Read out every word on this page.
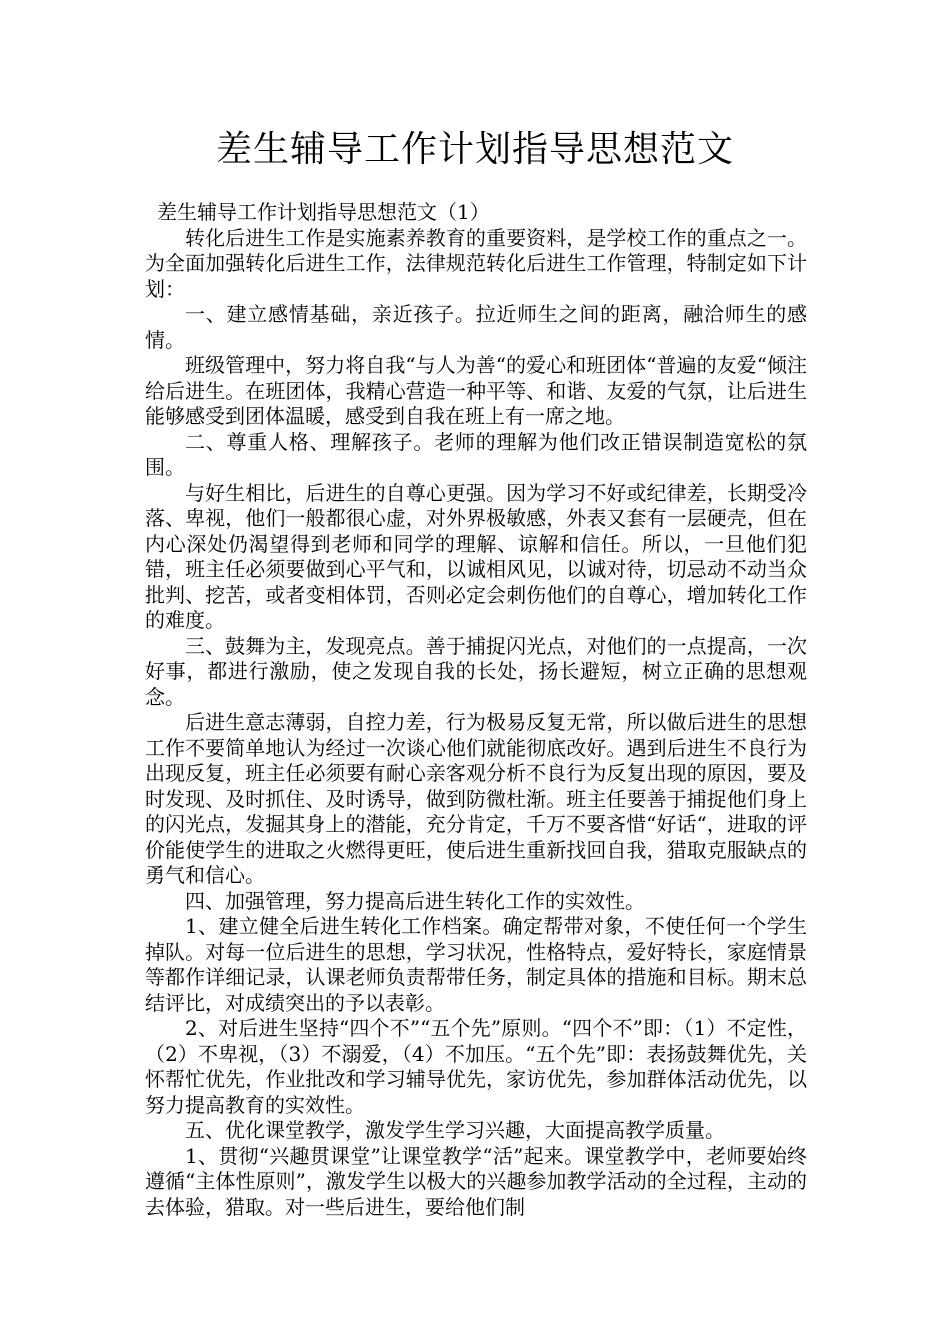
差生辅导工作计划指导思想范文

差生辅导工作计划指导思想范文（1）

转化后进生工作是实施素养教育的重要资料，是学校工作的重点之一。为全面加强转化后进生工作，法律规范转化后进生工作管理，特制定如下计划：

一、建立感情基础，亲近孩子。拉近师生之间的距离，融洽师生的感情。

班级管理中，努力将自我“与人为善“的爱心和班团体“普遍的友爱“倾注给后进生。在班团体，我精心营造一种平等、和谐、友爱的气氛，让后进生能够感受到团体温暖，感受到自我在班上有一席之地。

二、尊重人格、理解孩子。老师的理解为他们改正错误制造宽松的氛围。

与好生相比，后进生的自尊心更强。因为学习不好或纪律差，长期受冷落、卑视，他们一般都很心虚，对外界极敏感，外表又套有一层硬壳，但在内心深处仍渴望得到老师和同学的理解、谅解和信任。所以，一旦他们犯错，班主任必须要做到心平气和，以诚相风见，以诚对待，切忌动不动当众批判、挖苦，或者变相体罚，否则必定会刺伤他们的自尊心，增加转化工作的难度。

三、鼓舞为主，发现亮点。善于捕捉闪光点，对他们的一点提高，一次好事，都进行激励，使之发现自我的长处，扬长避短，树立正确的思想观念。

后进生意志薄弱，自控力差，行为极易反复无常，所以做后进生的思想工作不要简单地认为经过一次谈心他们就能彻底改好。遇到后进生不良行为出现反复，班主任必须要有耐心亲客观分析不良行为反复出现的原因，要及时发现、及时抓住、及时诱导，做到防微杜渐。班主任要善于捕捉他们身上的闪光点，发掘其身上的潜能，充分肯定，千万不要吝惜“好话“，进取的评价能使学生的进取之火燃得更旺，使后进生重新找回自我，猎取克服缺点的勇气和信心。

四、加强管理，努力提高后进生转化工作的实效性。

1、建立健全后进生转化工作档案。确定帮带对象，不使任何一个学生掉队。对每一位后进生的思想，学习状况，性格特点，爱好特长，家庭情景等都作详细记录，认课老师负责帮带任务，制定具体的措施和目标。期末总结评比，对成绩突出的予以表彰。

2、对后进生坚持“四个不”“五个先”原则。“四个不”即：（1）不定性，（2）不卑视，（3）不溺爱，（4）不加压。“五个先”即：表扬鼓舞优先，关怀帮忙优先，作业批改和学习辅导优先，家访优先，参加群体活动优先，以努力提高教育的实效性。

五、优化课堂教学，激发学生学习兴趣，大面提高教学质量。

1、贯彻“兴趣贯课堂”让课堂教学“活”起来。课堂教学中，老师要始终遵循“主体性原则”，激发学生以极大的兴趣参加教学活动的全过程，主动的去体验，猎取。对一些后进生，要给他们制
